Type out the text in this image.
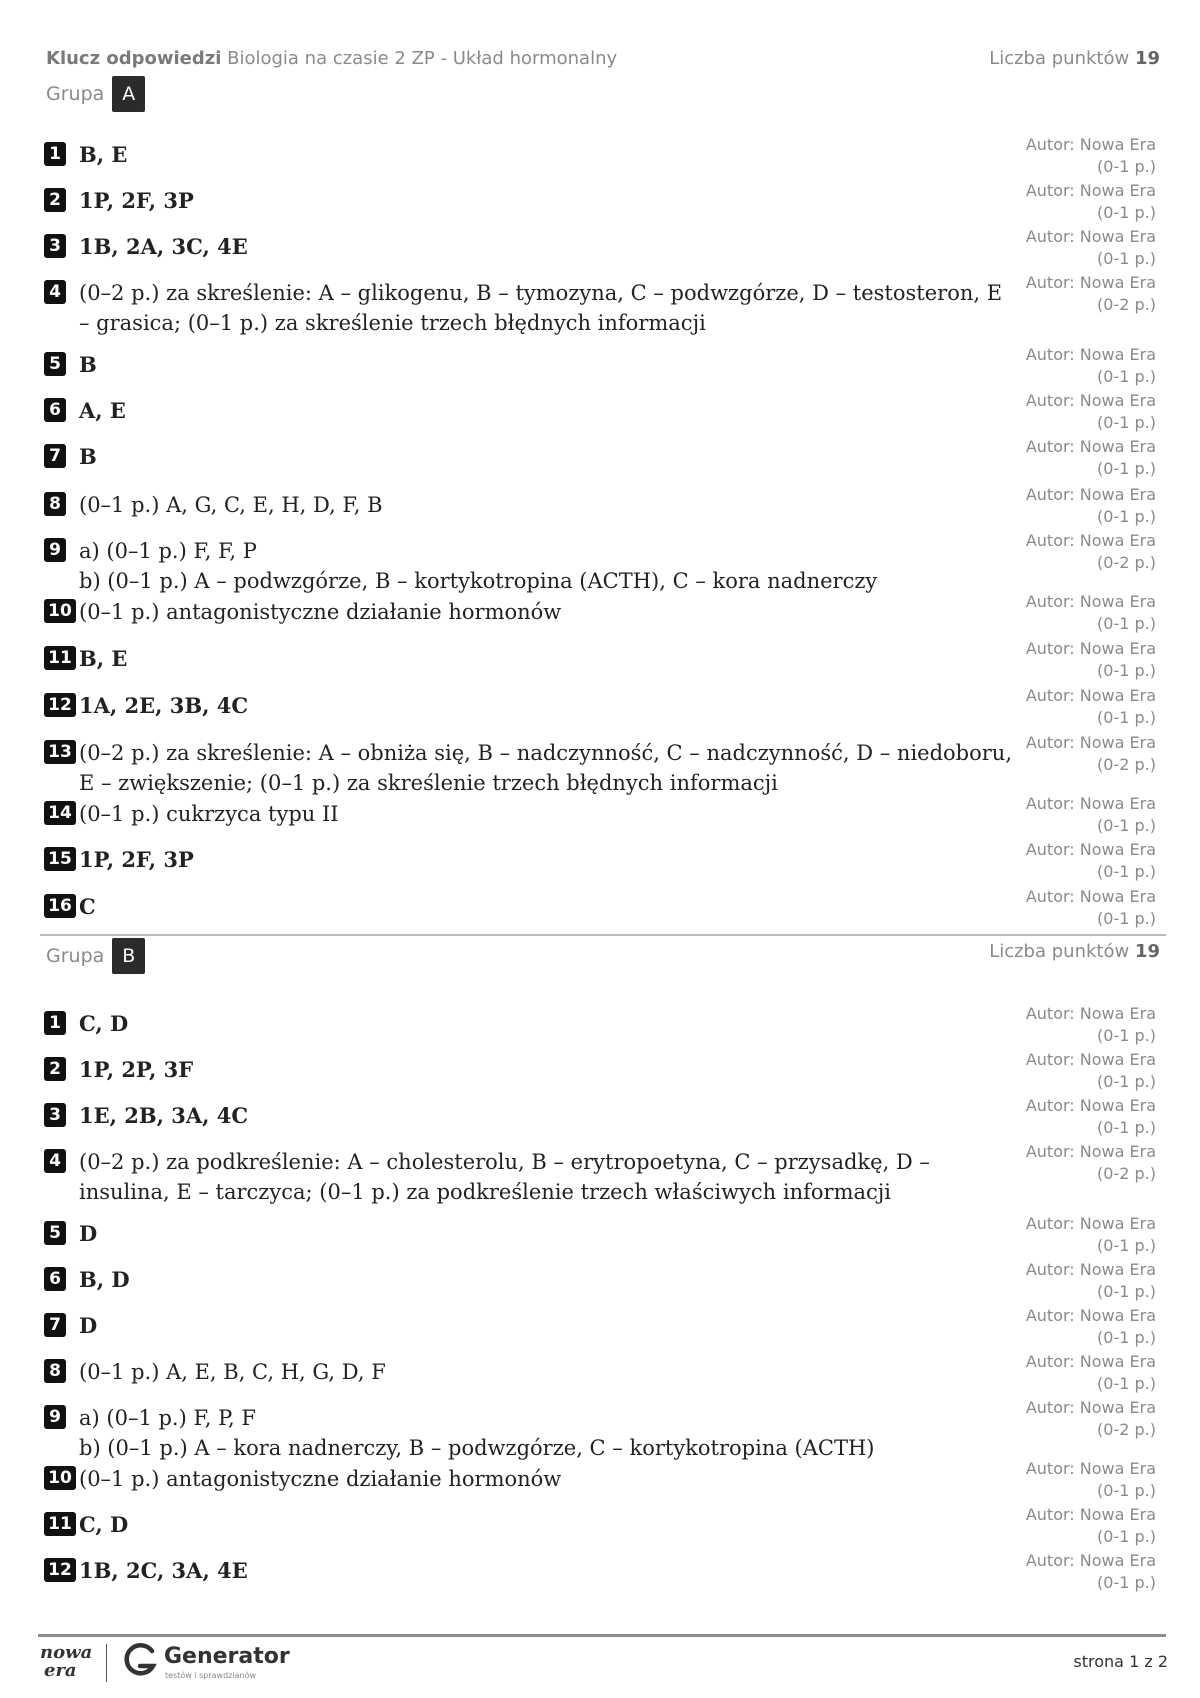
Klucz odpowiedzi Biologia na czasie 2 ZP - Układ hormonalny	Liczba punktów 19
Grupa A
1 B, E	Autor: Nowa Era
(0-1 p.)
2 1P, 2F, 3P	Autor: Nowa Era
(0-1 p.)
3 1B, 2A, 3C, 4E	Autor: Nowa Era
(0-1 p.)
4 (0–2 p.) za skreślenie: A – glikogenu, B – tymozyna, C – podwzgórze, D – testosteron, E
– grasica; (0–1 p.) za skreślenie trzech błędnych informacji
Autor: Nowa Era
(0-2 p.)
5 B	Autor: Nowa Era
(0-1 p.)
6 A, E	Autor: Nowa Era
(0-1 p.)
7 B	Autor: Nowa Era
(0-1 p.)
8 (0–1 p.) A, G, C, E, H, D, F, B	Autor: Nowa Era
(0-1 p.)
9 a) (0–1 p.) F, F, P
b) (0–1 p.) A – podwzgórze, B – kortykotropina (ACTH), C – kora nadnerczy
Autor: Nowa Era
(0-2 p.)
10 (0–1 p.) antagonistyczne działanie hormonów	Autor: Nowa Era
(0-1 p.)
11 B, E	Autor: Nowa Era
(0-1 p.)
12 1A, 2E, 3B, 4C	Autor: Nowa Era
(0-1 p.)
13 (0–2 p.) za skreślenie: A – obniża się, B – nadczynność, C – nadczynność, D – niedoboru,
E – zwiększenie; (0–1 p.) za skreślenie trzech błędnych informacji
Autor: Nowa Era
(0-2 p.)
14 (0–1 p.) cukrzyca typu II	Autor: Nowa Era
(0-1 p.)
15 1P, 2F, 3P	Autor: Nowa Era
(0-1 p.)
16 C	Autor: Nowa Era
(0-1 p.)
Grupa B	Liczba punktów 19
1 C, D	Autor: Nowa Era
(0-1 p.)
2 1P, 2P, 3F	Autor: Nowa Era
(0-1 p.)
3 1E, 2B, 3A, 4C	Autor: Nowa Era
(0-1 p.)
4 (0–2 p.) za podkreślenie: A – cholesterolu, B – erytropoetyna, C – przysadkę, D –
insulina, E – tarczyca; (0–1 p.) za podkreślenie trzech właściwych informacji
Autor: Nowa Era
(0-2 p.)
5 D	Autor: Nowa Era
(0-1 p.)
6 B, D	Autor: Nowa Era
(0-1 p.)
7 D	Autor: Nowa Era
(0-1 p.)
8 (0–1 p.) A, E, B, C, H, G, D, F	Autor: Nowa Era
(0-1 p.)
9 a) (0–1 p.) F, P, F
b) (0–1 p.) A – kora nadnerczy, B – podwzgórze, C – kortykotropina (ACTH)
Autor: Nowa Era
(0-2 p.)
10 (0–1 p.) antagonistyczne działanie hormonów	Autor: Nowa Era
(0-1 p.)
11 C, D	Autor: Nowa Era
(0-1 p.)
12 1B, 2C, 3A, 4E	Autor: Nowa Era
(0-1 p.)
nowa
era
Generator
testów i sprawdzianów
strona 1 z 2
